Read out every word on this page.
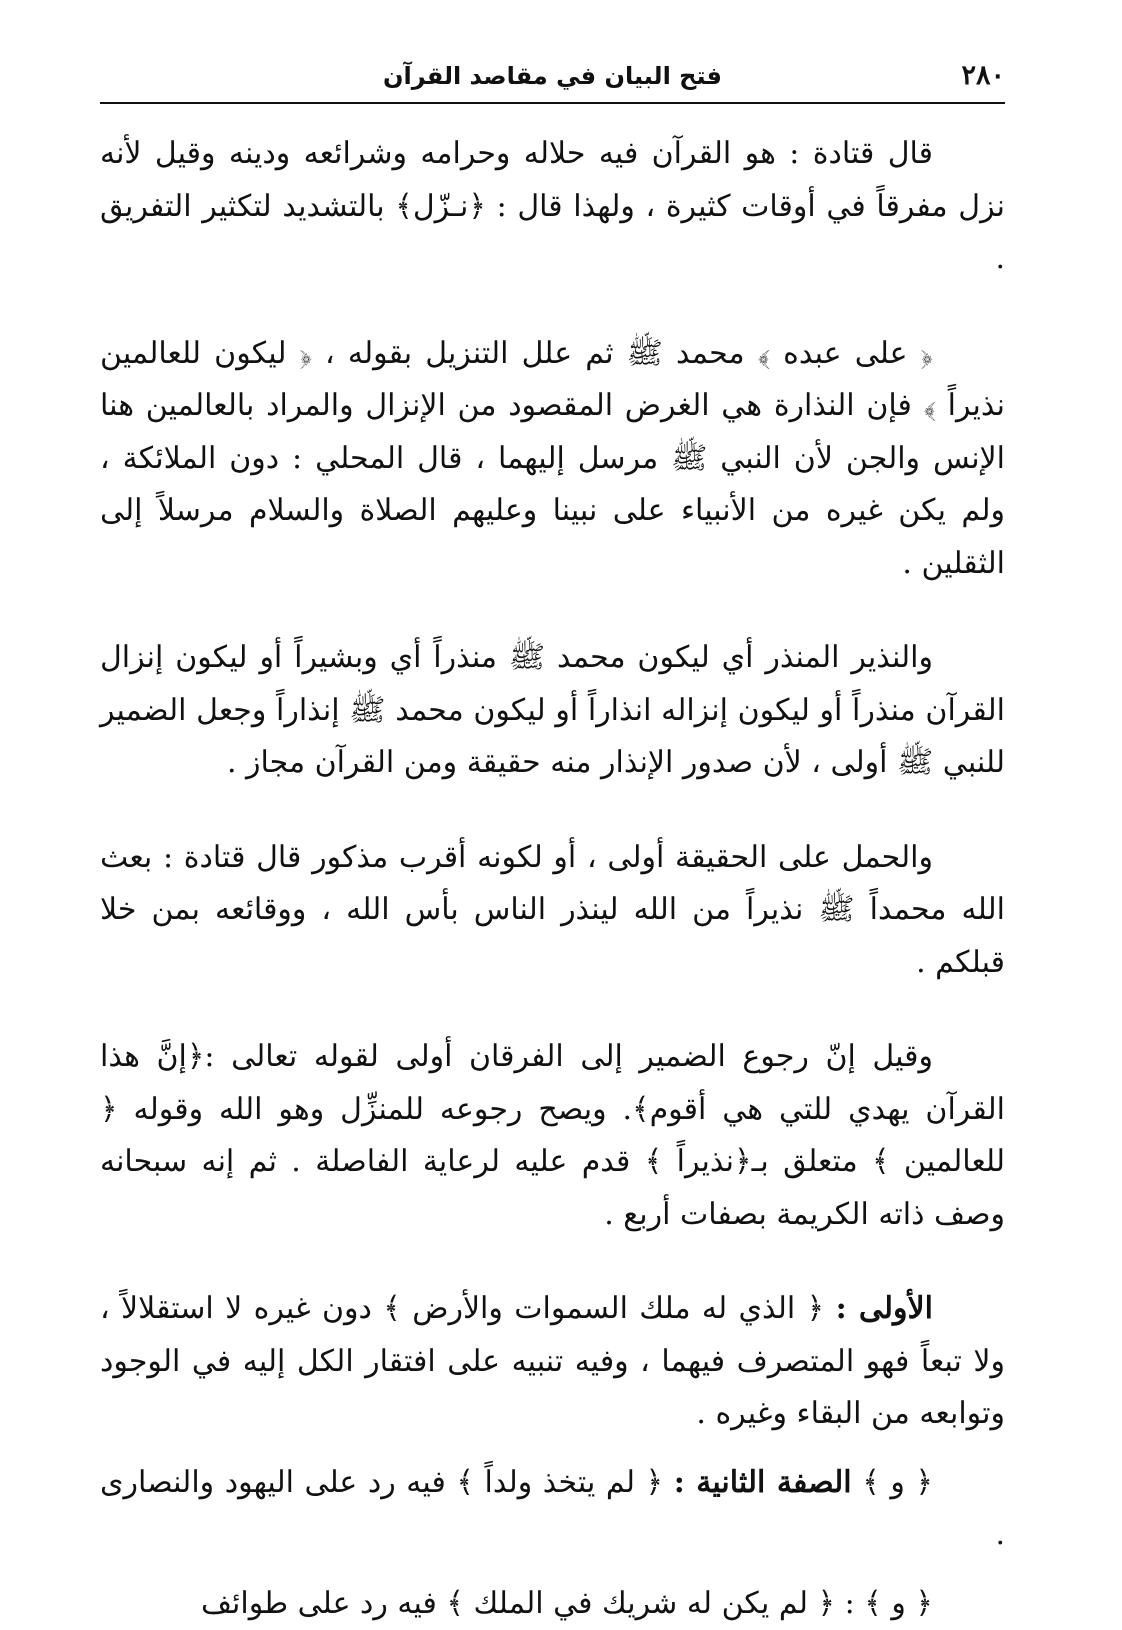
٢٨٠
فتح البيان في مقاصد القرآن

قال قتادة : هو القرآن فيه حلاله وحرامه وشرائعه ودينه وقيل لأنه نزل مفرقاً في أوقات كثيرة ، ولهذا قال : ﴿نـزّل﴾ بالتشديد لتكثير التفريق .

﴿ على عبده ﴾ محمد ﷺ ثم علل التنزيل بقوله ، ﴿ ليكون للعالمين نذيراً ﴾ فإن النذارة هي الغرض المقصود من الإنزال والمراد بالعالمين هنا الإنس والجن لأن النبي ﷺ مرسل إليهما ، قال المحلي : دون الملائكة ، ولم يكن غيره من الأنبياء على نبينا وعليهم الصلاة والسلام مرسلاً إلى الثقلين .

والنذير المنذر أي ليكون محمد ﷺ منذراً أي وبشيراً أو ليكون إنزال القرآن منذراً أو ليكون إنزاله انذاراً أو ليكون محمد ﷺ إنذاراً وجعل الضمير للنبي ﷺ أولى ، لأن صدور الإنذار منه حقيقة ومن القرآن مجاز .

والحمل على الحقيقة أولى ، أو لكونه أقرب مذكور قال قتادة : بعث الله محمداً ﷺ نذيراً من الله لينذر الناس بأس الله ، ووقائعه بمن خلا قبلكم .

وقيل إنّ رجوع الضمير إلى الفرقان أولى لقوله تعالى :﴿إنَّ هذا القرآن يهدي للتي هي أقوم﴾. ويصح رجوعه للمنزِّل وهو الله وقوله ﴿ للعالمين ﴾ متعلق بـ﴿نذيراً ﴾ قدم عليه لرعاية الفاصلة . ثم إنه سبحانه وصف ذاته الكريمة بصفات أربع .

الأولى : ﴿ الذي له ملك السموات والأرض ﴾ دون غيره لا استقلالاً ، ولا تبعاً فهو المتصرف فيهما ، وفيه تنبيه على افتقار الكل إليه في الوجود وتوابعه من البقاء وغيره .

﴿ و ﴾ الصفة الثانية : ﴿ لم يتخذ ولداً ﴾ فيه رد على اليهود والنصارى .

﴿ و ﴾ : ﴿ لم يكن له شريك في الملك ﴾ فيه رد على طوائف
